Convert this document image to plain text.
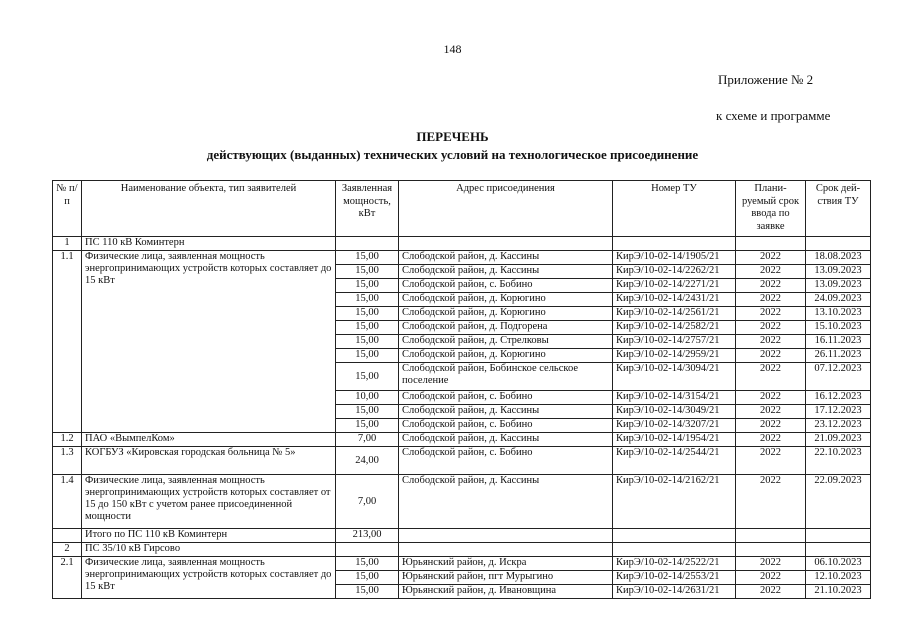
148
Приложение № 2
к схеме и программе
ПЕРЕЧЕНЬ
действующих (выданных) технических условий на технологическое присоединение
№ п/п	Наименование объекта, тип заявителей	Заявленная мощность, кВт	Адрес присоединения	Номер ТУ	Плани-руемый срок ввода по заявке	Срок дей-ствия ТУ
1	ПС 110 кВ Коминтерн					
1.1	Физические лица, заявленная мощность энергопринимающих устройств которых составляет до 15 кВт	15,00	Слободской район, д. Кассины	КирЭ/10-02-14/1905/21	2022	18.08.2023
		15,00	Слободской район, д. Кассины	КирЭ/10-02-14/2262/21	2022	13.09.2023
		15,00	Слободской район, с. Бобино	КирЭ/10-02-14/2271/21	2022	13.09.2023
		15,00	Слободской район, д. Корюгино	КирЭ/10-02-14/2431/21	2022	24.09.2023
		15,00	Слободской район, д. Корюгино	КирЭ/10-02-14/2561/21	2022	13.10.2023
		15,00	Слободской район, д. Подгорена	КирЭ/10-02-14/2582/21	2022	15.10.2023
		15,00	Слободской район, д. Стрелковы	КирЭ/10-02-14/2757/21	2022	16.11.2023
		15,00	Слободской район, д. Корюгино	КирЭ/10-02-14/2959/21	2022	26.11.2023
		15,00	Слободской район, Бобинское сельское поселение	КирЭ/10-02-14/3094/21	2022	07.12.2023
		10,00	Слободской район, с. Бобино	КирЭ/10-02-14/3154/21	2022	16.12.2023
		15,00	Слободской район, д. Кассины	КирЭ/10-02-14/3049/21	2022	17.12.2023
		15,00	Слободской район, с. Бобино	КирЭ/10-02-14/3207/21	2022	23.12.2023
1.2	ПАО «ВымпелКом»	7,00	Слободской район, д. Кассины	КирЭ/10-02-14/1954/21	2022	21.09.2023
1.3	КОГБУЗ «Кировская городская больница № 5»	24,00	Слободской район, с. Бобино	КирЭ/10-02-14/2544/21	2022	22.10.2023
1.4	Физические лица, заявленная мощность энергопринимающих устройств которых составляет от 15 до 150 кВт с учетом ранее присоединенной мощности	7,00	Слободской район, д. Кассины	КирЭ/10-02-14/2162/21	2022	22.09.2023
	Итого по ПС 110 кВ Коминтерн	213,00				
2	ПС 35/10 кВ Гирсово					
2.1	Физические лица, заявленная мощность энергопринимающих устройств которых составляет до 15 кВт	15,00	Юрьянский район, д. Искра	КирЭ/10-02-14/2522/21	2022	06.10.2023
		15,00	Юрьянский район, пгт Мурыгино	КирЭ/10-02-14/2553/21	2022	12.10.2023
		15,00	Юрьянский район, д. Ивановщина	КирЭ/10-02-14/2631/21	2022	21.10.2023
